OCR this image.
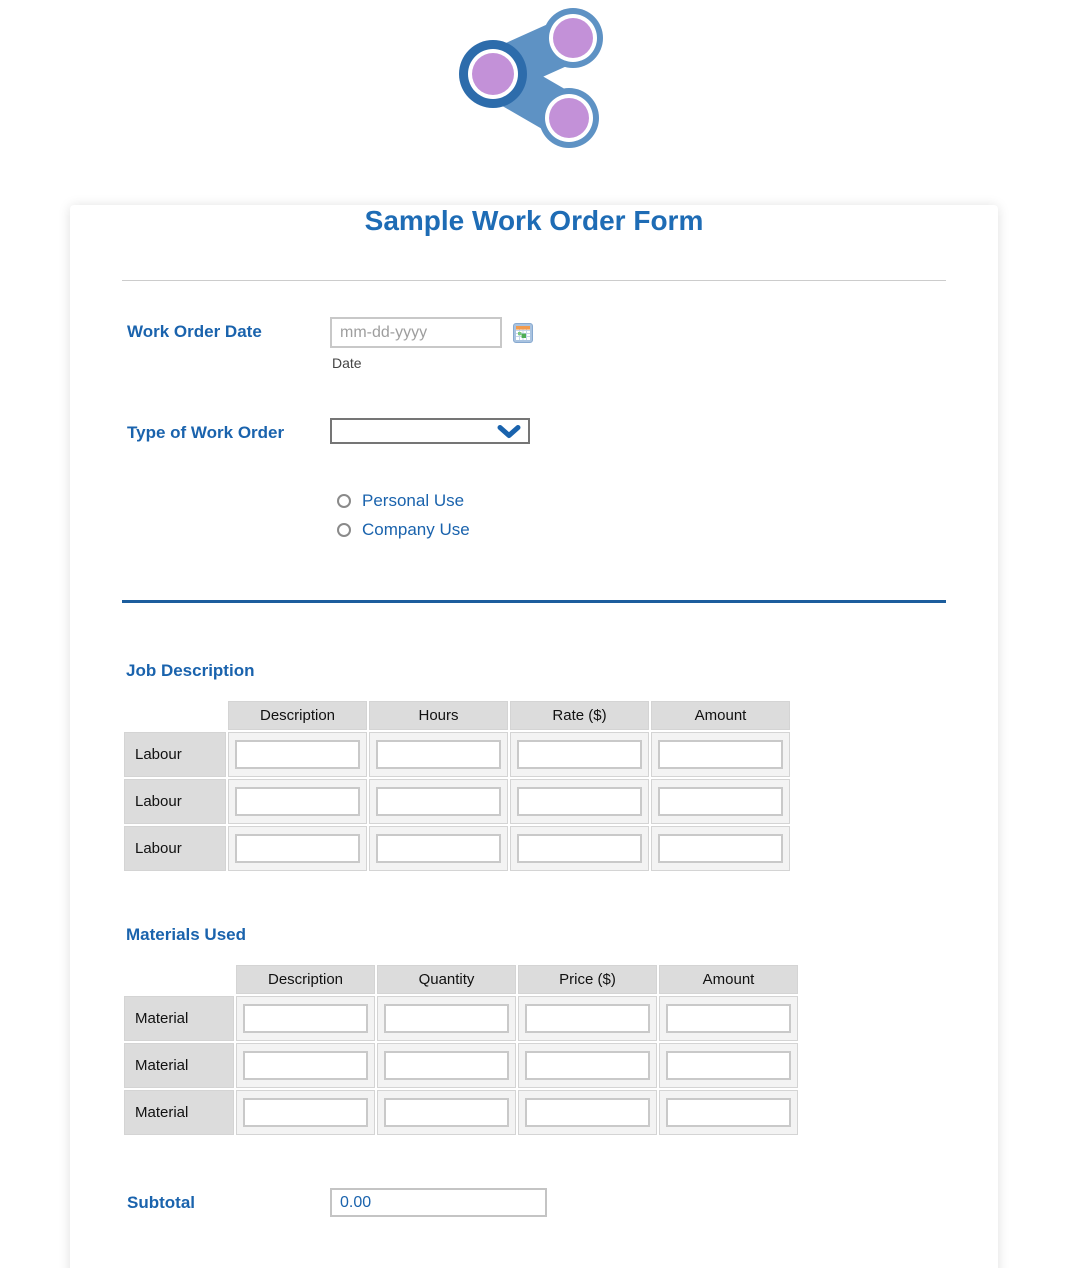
Sample Work Order Form
Work Order Date
mm-dd-yyyy
Date
Type of Work Order
Personal Use
Company Use
Job Description
	Description	Hours	Rate ($)	Amount
Labour	

Labour	

Labour	

Materials Used
	Description	Quantity	Price ($)	Amount
Material	

Material	

Material	

Subtotal
0.00
